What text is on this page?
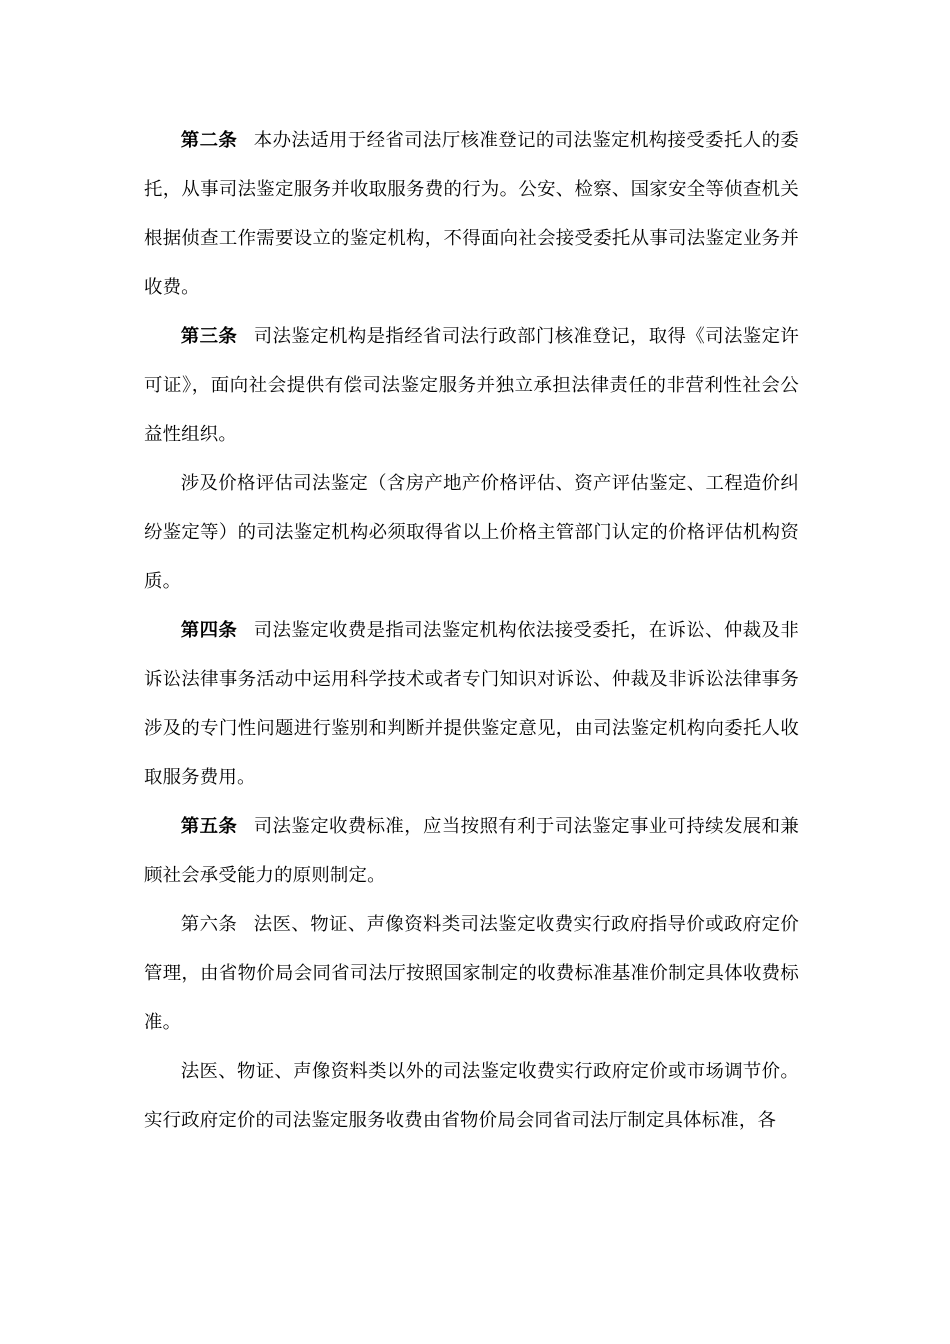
第二条 本办法适用于经省司法厅核准登记的司法鉴定机构接受委托人的委托，从事司法鉴定服务并收取服务费的行为。公安、检察、国家安全等侦查机关根据侦查工作需要设立的鉴定机构，不得面向社会接受委托从事司法鉴定业务并收费。

第三条 司法鉴定机构是指经省司法行政部门核准登记，取得《司法鉴定许可证》，面向社会提供有偿司法鉴定服务并独立承担法律责任的非营利性社会公益性组织。

涉及价格评估司法鉴定（含房产地产价格评估、资产评估鉴定、工程造价纠纷鉴定等）的司法鉴定机构必须取得省以上价格主管部门认定的价格评估机构资质。

第四条 司法鉴定收费是指司法鉴定机构依法接受委托，在诉讼、仲裁及非诉讼法律事务活动中运用科学技术或者专门知识对诉讼、仲裁及非诉讼法律事务涉及的专门性问题进行鉴别和判断并提供鉴定意见，由司法鉴定机构向委托人收取服务费用。

第五条 司法鉴定收费标准，应当按照有利于司法鉴定事业可持续发展和兼顾社会承受能力的原则制定。

第六条 法医、物证、声像资料类司法鉴定收费实行政府指导价或政府定价管理，由省物价局会同省司法厅按照国家制定的收费标准基准价制定具体收费标准。

法医、物证、声像资料类以外的司法鉴定收费实行政府定价或市场调节价。实行政府定价的司法鉴定服务收费由省物价局会同省司法厅制定具体标准，各
